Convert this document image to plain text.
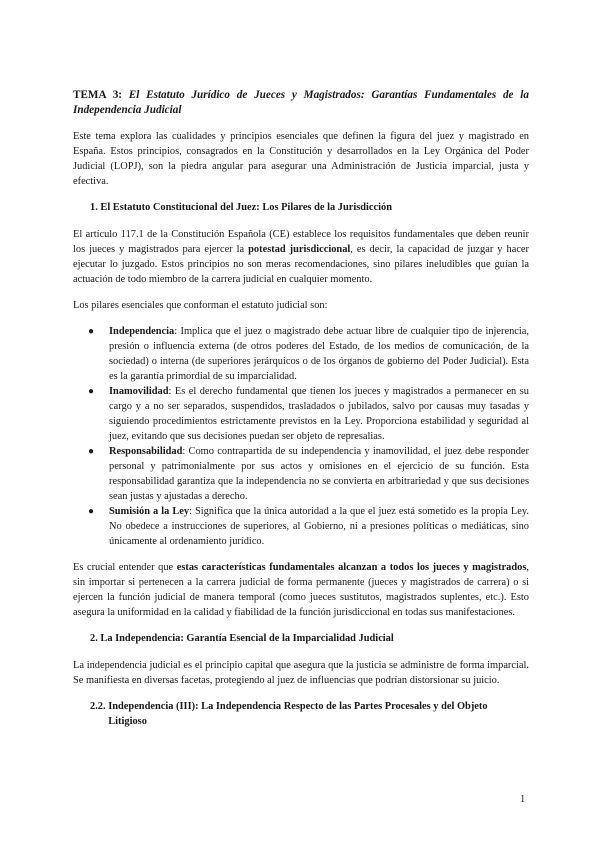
TEMA 3: El Estatuto Jurídico de Jueces y Magistrados: Garantías Fundamentales de la Independencia Judicial

Este tema explora las cualidades y principios esenciales que definen la figura del juez y magistrado en España. Estos principios, consagrados en la Constitución y desarrollados en la Ley Orgánica del Poder Judicial (LOPJ), son la piedra angular para asegurar una Administración de Justicia imparcial, justa y efectiva.

1. El Estatuto Constitucional del Juez: Los Pilares de la Jurisdicción

El artículo 117.1 de la Constitución Española (CE) establece los requisitos fundamentales que deben reunir los jueces y magistrados para ejercer la potestad jurisdiccional, es decir, la capacidad de juzgar y hacer ejecutar lo juzgado. Estos principios no son meras recomendaciones, sino pilares ineludibles que guían la actuación de todo miembro de la carrera judicial en cualquier momento.

Los pilares esenciales que conforman el estatuto judicial son:

● Independencia: Implica que el juez o magistrado debe actuar libre de cualquier tipo de injerencia, presión o influencia externa (de otros poderes del Estado, de los medios de comunicación, de la sociedad) o interna (de superiores jerárquicos o de los órganos de gobierno del Poder Judicial). Esta es la garantía primordial de su imparcialidad.
● Inamovilidad: Es el derecho fundamental que tienen los jueces y magistrados a permanecer en su cargo y a no ser separados, suspendidos, trasladados o jubilados, salvo por causas muy tasadas y siguiendo procedimientos estrictamente previstos en la Ley. Proporciona estabilidad y seguridad al juez, evitando que sus decisiones puedan ser objeto de represalias.
● Responsabilidad: Como contrapartida de su independencia y inamovilidad, el juez debe responder personal y patrimonialmente por sus actos y omisiones en el ejercicio de su función. Esta responsabilidad garantiza que la independencia no se convierta en arbitrariedad y que sus decisiones sean justas y ajustadas a derecho.
● Sumisión a la Ley: Significa que la única autoridad a la que el juez está sometido es la propia Ley. No obedece a instrucciones de superiores, al Gobierno, ni a presiones políticas o mediáticas, sino únicamente al ordenamiento jurídico.

Es crucial entender que estas características fundamentales alcanzan a todos los jueces y magistrados, sin importar si pertenecen a la carrera judicial de forma permanente (jueces y magistrados de carrera) o si ejercen la función judicial de manera temporal (como jueces sustitutos, magistrados suplentes, etc.). Esto asegura la uniformidad en la calidad y fiabilidad de la función jurisdiccional en todas sus manifestaciones.

2. La Independencia: Garantía Esencial de la Imparcialidad Judicial

La independencia judicial es el principio capital que asegura que la justicia se administre de forma imparcial. Se manifiesta en diversas facetas, protegiendo al juez de influencias que podrían distorsionar su juicio.

2.2. Independencia (III): La Independencia Respecto de las Partes Procesales y del Objeto Litigioso
1
